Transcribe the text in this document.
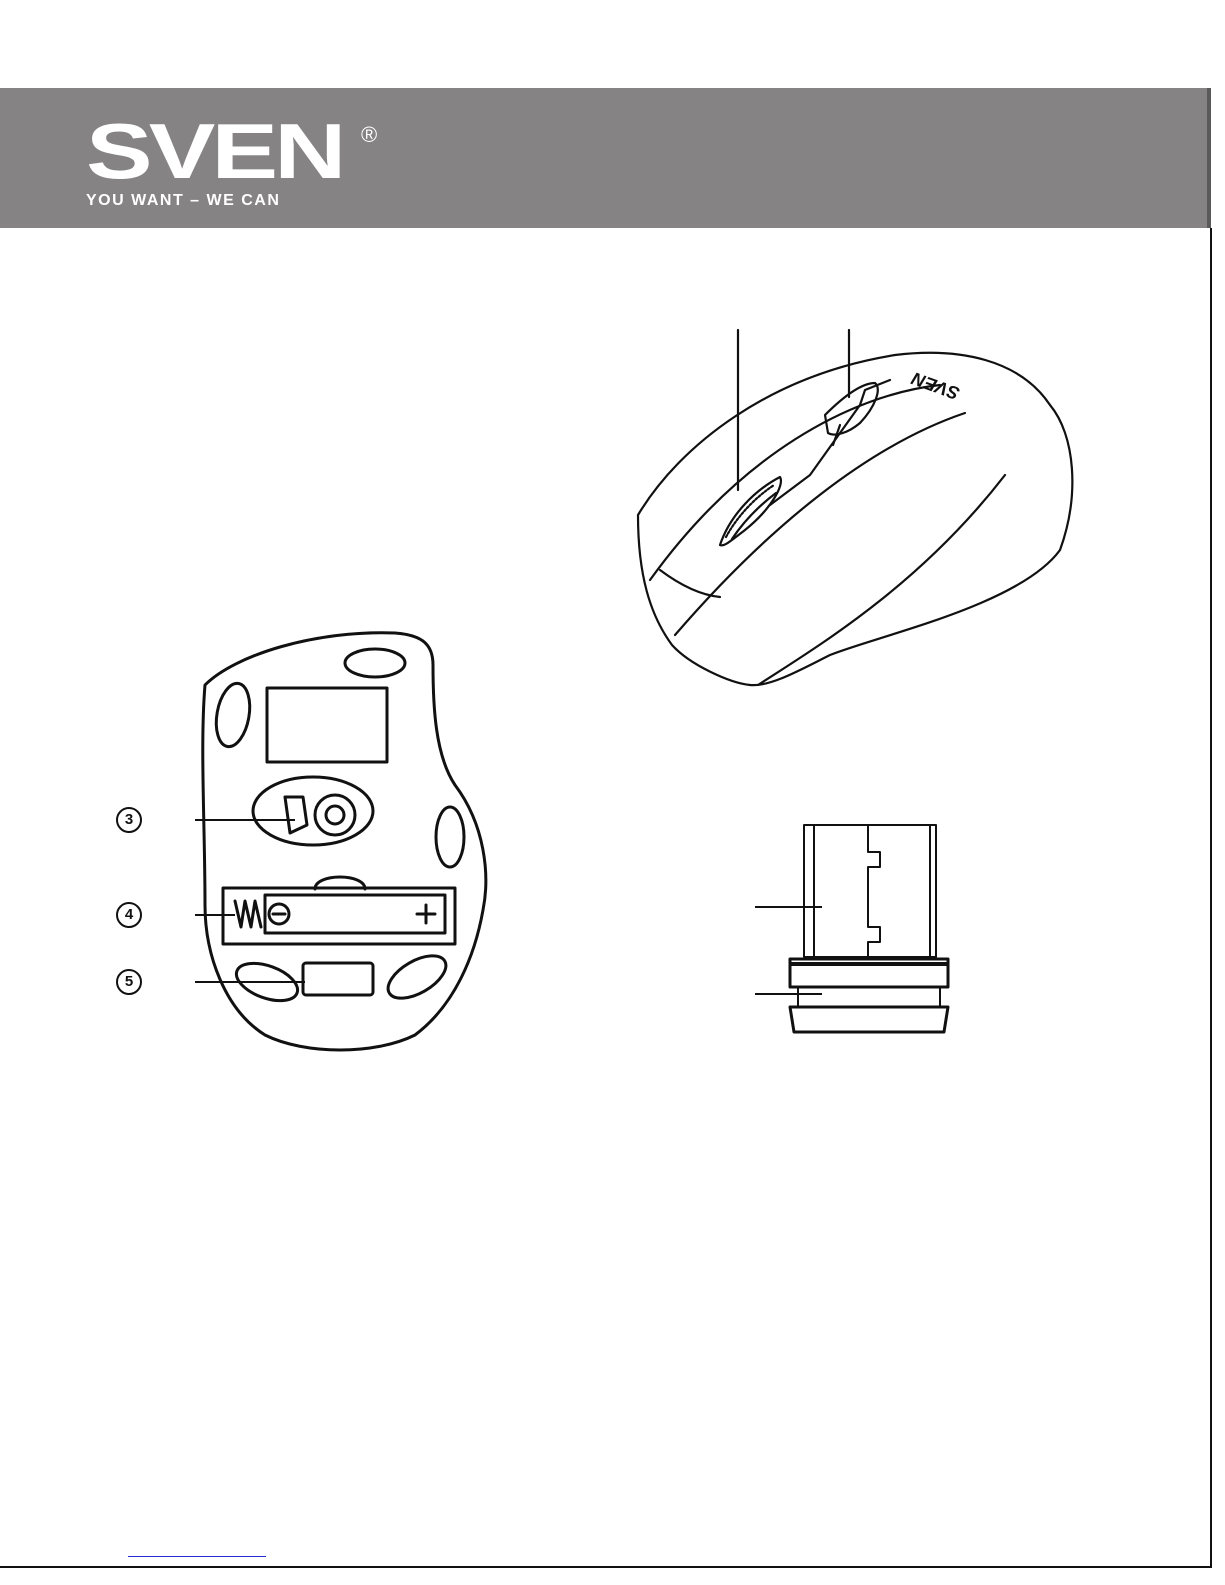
SVEN ®
YOU WANT – WE CAN
SVEN
3
4
5
